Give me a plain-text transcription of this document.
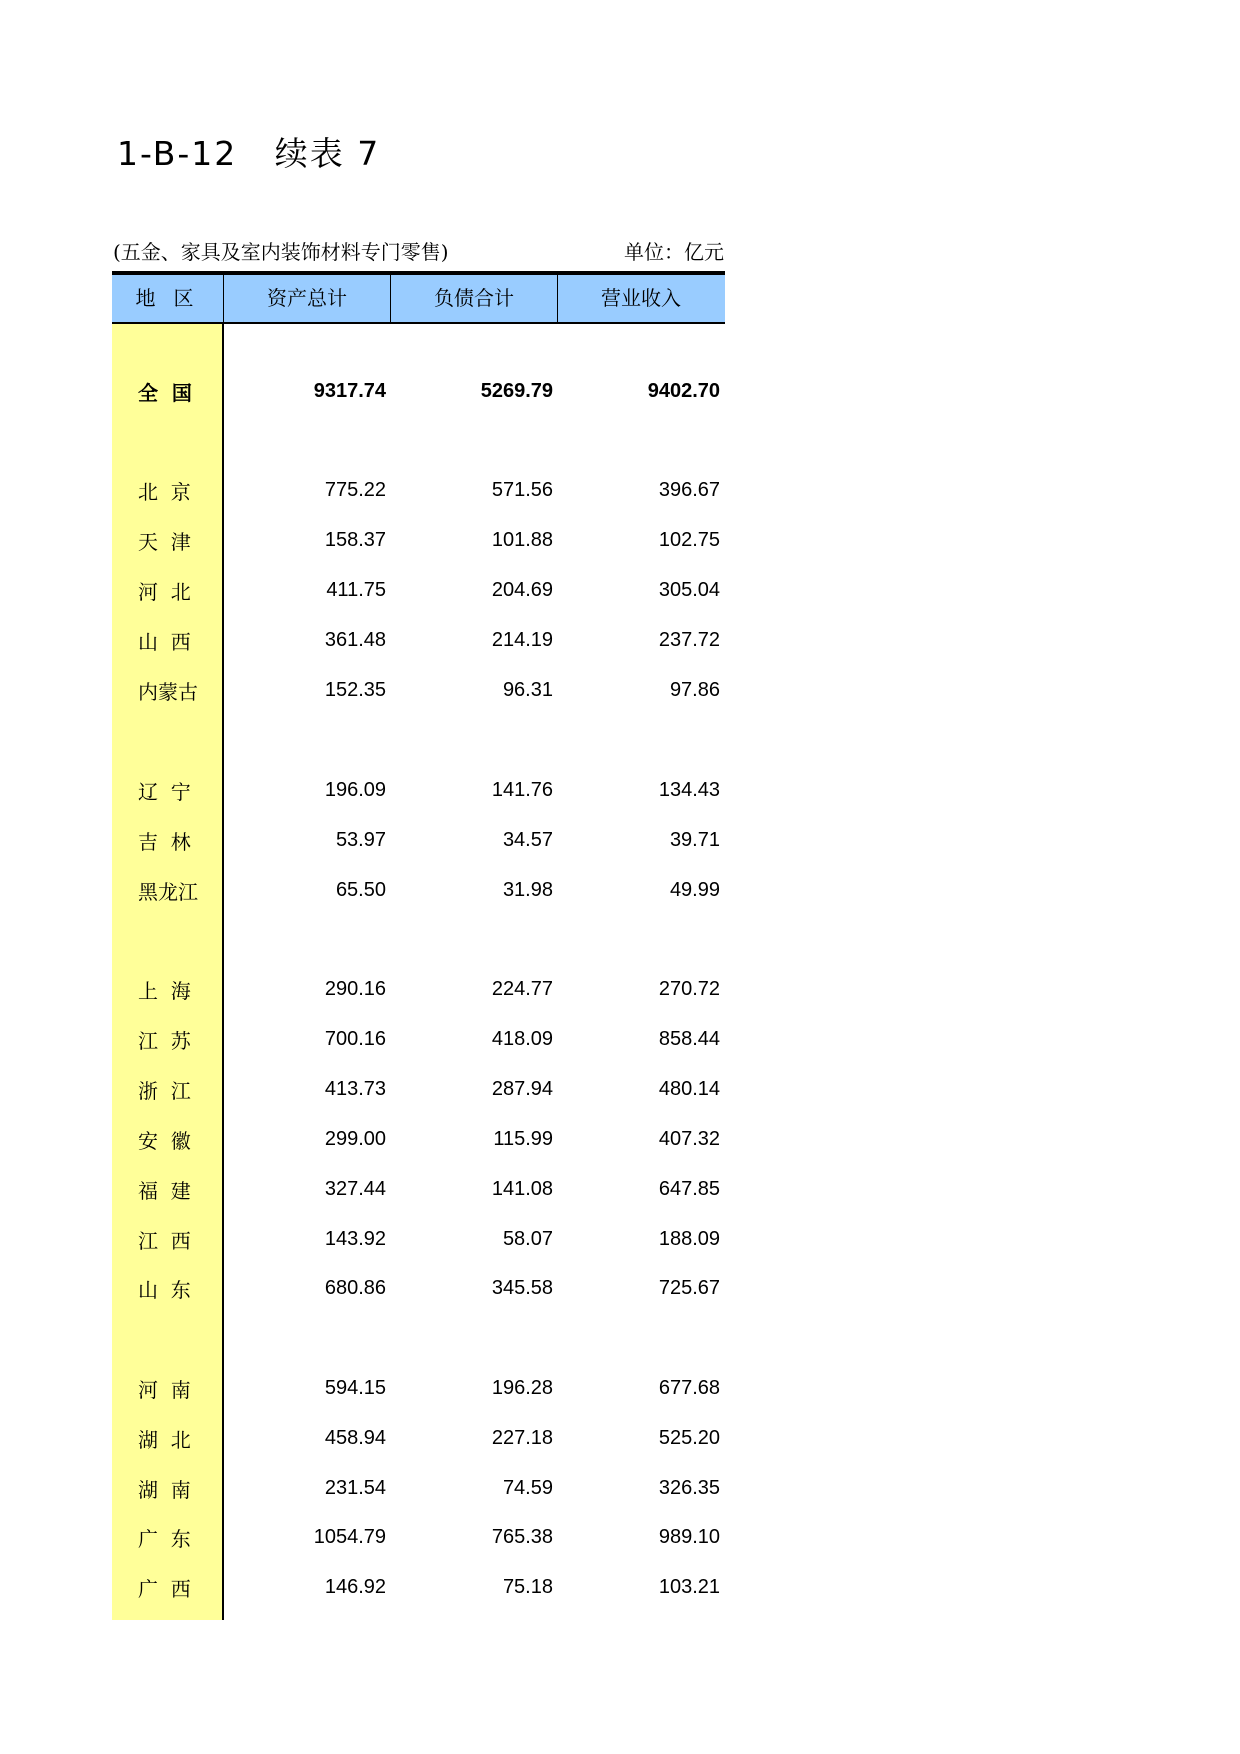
1-B-12   续表 7
(五金、家具及室内装饰材料专门零售)	单位：亿元
地区	资产总计	负债合计	营业收入
全  国	9317.74	5269.79	9402.70
北  京	775.22	571.56	396.67
天  津	158.37	101.88	102.75
河  北	411.75	204.69	305.04
山  西	361.48	214.19	237.72
内蒙古	152.35	96.31	97.86
辽  宁	196.09	141.76	134.43
吉  林	53.97	34.57	39.71
黑龙江	65.50	31.98	49.99
上  海	290.16	224.77	270.72
江  苏	700.16	418.09	858.44
浙  江	413.73	287.94	480.14
安  徽	299.00	115.99	407.32
福  建	327.44	141.08	647.85
江  西	143.92	58.07	188.09
山  东	680.86	345.58	725.67
河  南	594.15	196.28	677.68
湖  北	458.94	227.18	525.20
湖  南	231.54	74.59	326.35
广  东	1054.79	765.38	989.10
广  西	146.92	75.18	103.21
